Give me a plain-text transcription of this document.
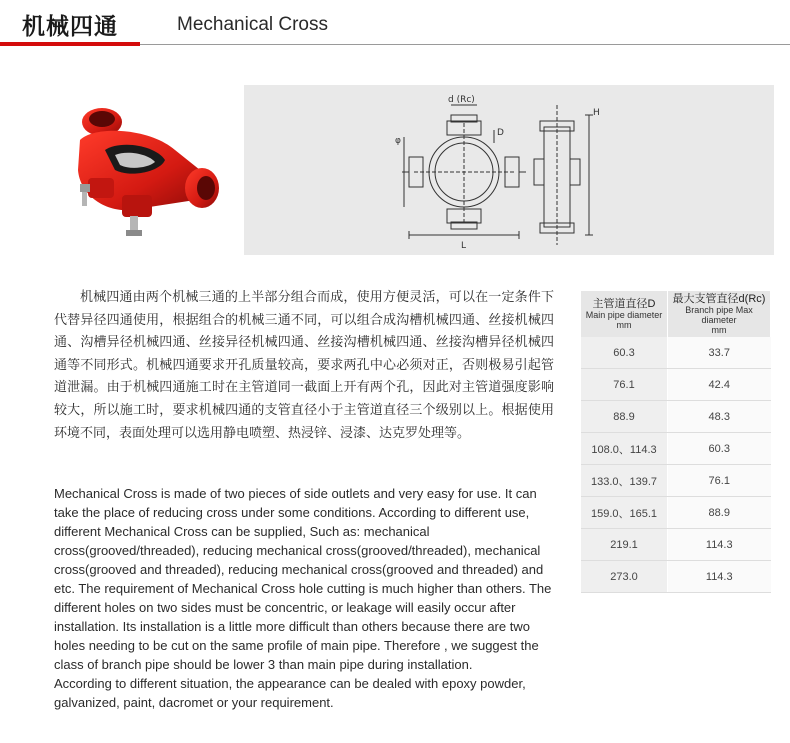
机械四通	Mechanical Cross
d (Rc)
D
L
H
φ
机械四通由两个机械三通的上半部分组合而成，使用方便灵活，可以在一定条件下代替异径四通使用，根据组合的机械三通不同，可以组合成沟槽机械四通、丝接机械四通、沟槽异径机械四通、丝接异径机械四通、丝接沟槽机械四通、丝接沟槽异径机械四通等不同形式。机械四通要求开孔质量较高，要求两孔中心必须对正，否则极易引起管道泄漏。由于机械四通施工时在主管道同一截面上开有两个孔，因此对主管道强度影响较大，所以施工时，要求机械四通的支管直径小于主管道直径三个级别以上。根据使用环境不同，表面处理可以选用静电喷塑、热浸锌、浸漆、达克罗处理等。

Mechanical Cross is made of two pieces of side outlets and very easy for use. It can take the place of reducing cross under some conditions. According to different use, different Mechanical Cross can be supplied, Such as: mechanical cross(grooved/threaded), reducing mechanical cross(grooved/threaded), mechanical cross(grooved and threaded), reducing mechanical cross(grooved and threaded) and etc. The requirement of Mechanical Cross hole cutting is much higher than others. The different holes on two sides must be concentric, or leakage will easily occur after installation. Its installation is a little more difficult than others because there are two holes needing to be cut on the same profile of main pipe. Therefore , we suggest the class of branch pipe should be lower 3 than main pipe during installation.

According to different situation, the appearance can be dealed with epoxy powder, galvanized, paint, dacromet or your requirement.

主管道直径D
Main pipe diameter
mm	最大支管直径d(Rc)
Branch pipe Max diameter
mm

60.3	33.7
76.1	42.4
88.9	48.3
108.0、114.3	60.3
133.0、139.7	76.1
159.0、165.1	88.9
219.1	114.3
273.0	114.3
